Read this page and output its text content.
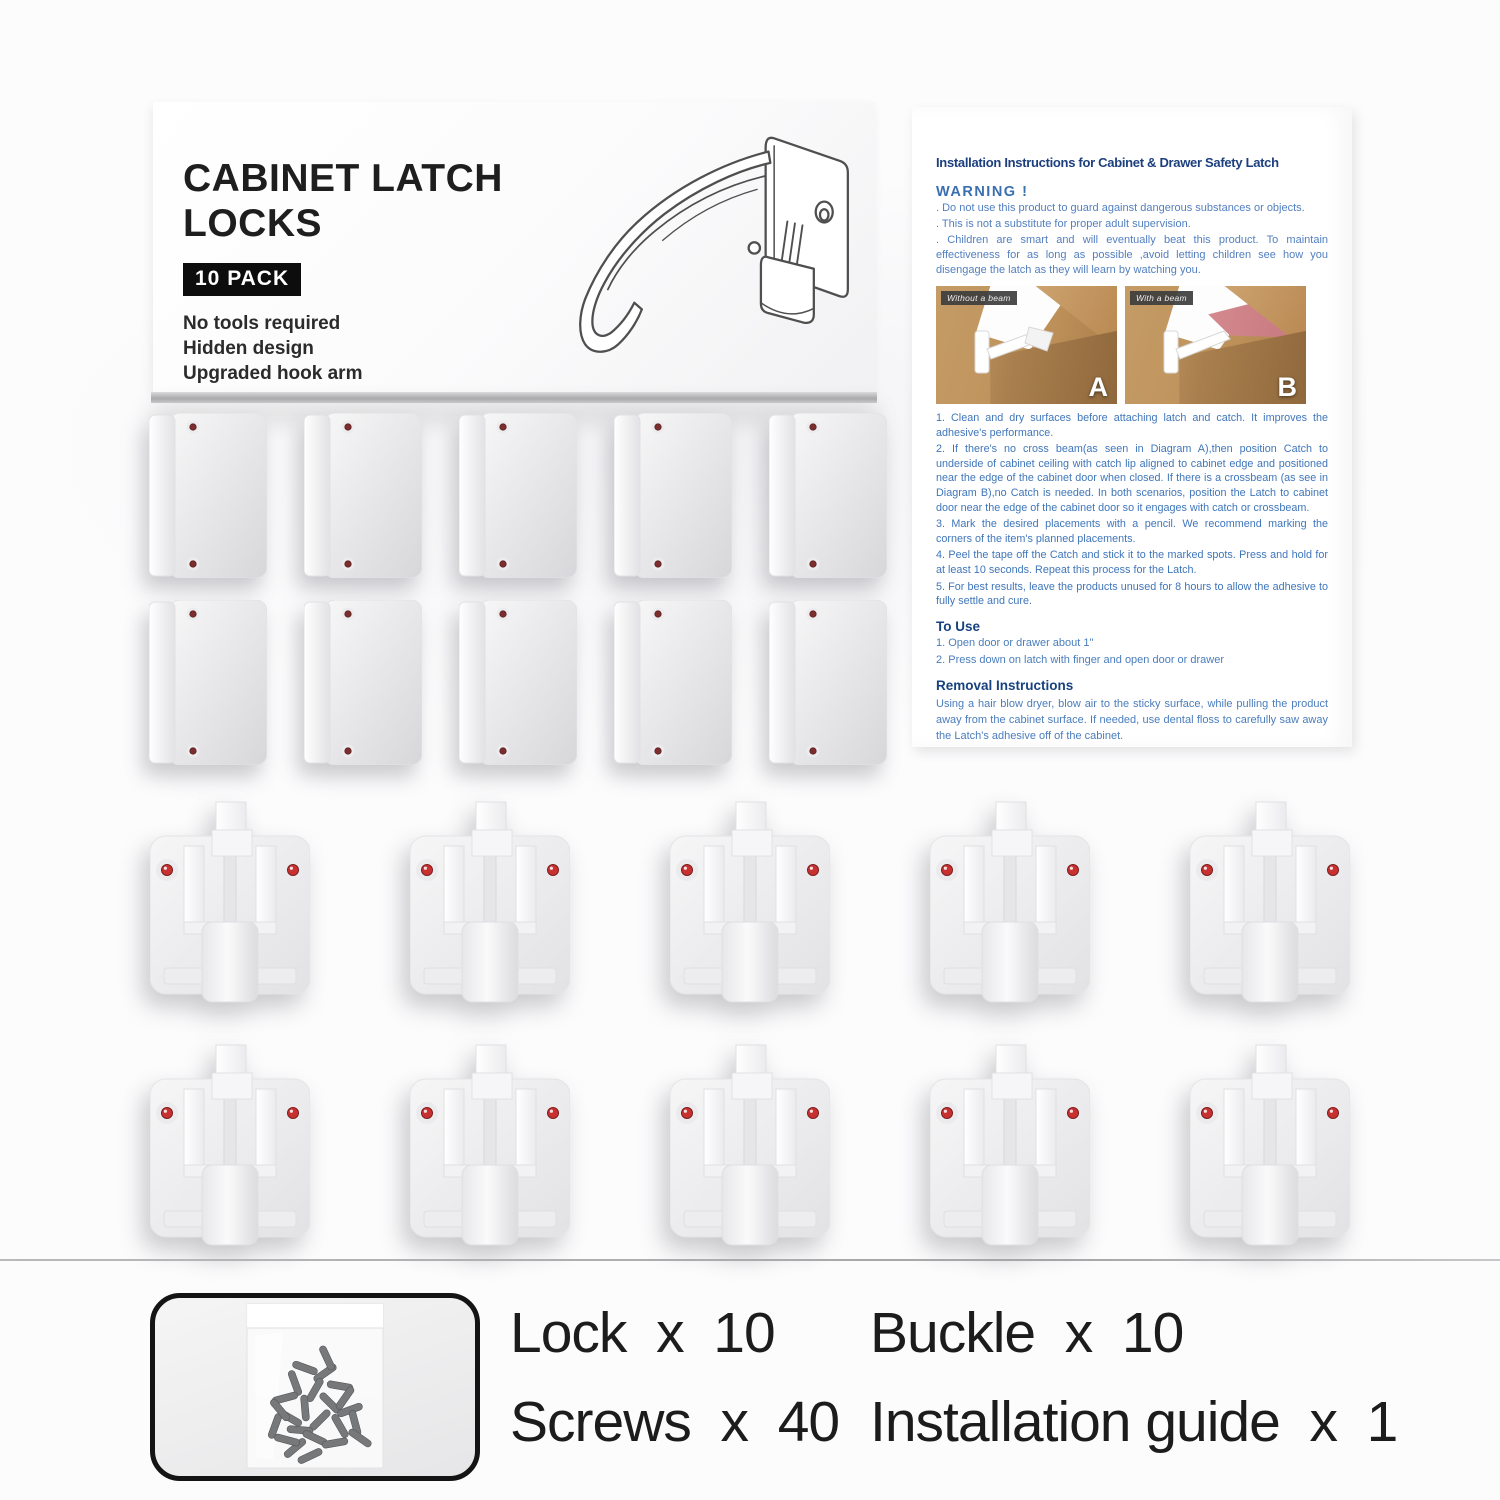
CABINET LATCH
LOCKS
10 PACK
No tools required
Hidden design
Upgraded hook arm
Installation Instructions for Cabinet & Drawer Safety Latch
WARNING !

. Do not use this product to guard against dangerous substances or objects.

. This is not a substitute for proper adult supervision.

. Children are smart and will eventually beat this product. To maintain effectiveness for as long as possible ,avoid letting children see how you disengage the latch as they will learn by watching you.

Without a beam
A
With a beam
B

1. Clean and dry surfaces before attaching latch and catch. It improves the adhesive's performance.

2. If there's no cross beam(as seen in Diagram A),then position Catch to underside of cabinet ceiling with catch lip aligned to cabinet edge and positioned near the edge of the cabinet door when closed. If there is a crossbeam (as see in Diagram B),no Catch is needed. In both scenarios, position the Latch to cabinet door near the edge of the cabinet door so it engages with catch or crossbeam.

3. Mark the desired placements with a pencil. We recommend marking the corners of the item's planned placements.

4. Peel the tape off the Catch and stick it to the marked spots. Press and hold for at least 10 seconds. Repeat this process for the Latch.

5. For best results, leave the products unused for 8 hours to allow the adhesive to fully settle and cure.

To Use

1. Open door or drawer about 1"

2. Press down on latch with finger and open door or drawer

Removal Instructions
Using a hair blow dryer, blow air to the sticky surface, while pulling the product away from the cabinet surface. If needed, use dental floss to carefully saw away the Latch's adhesive off of the cabinet.
Lock  x  10	Buckle  x  10
Screws  x  40 Installation guide  x  1
